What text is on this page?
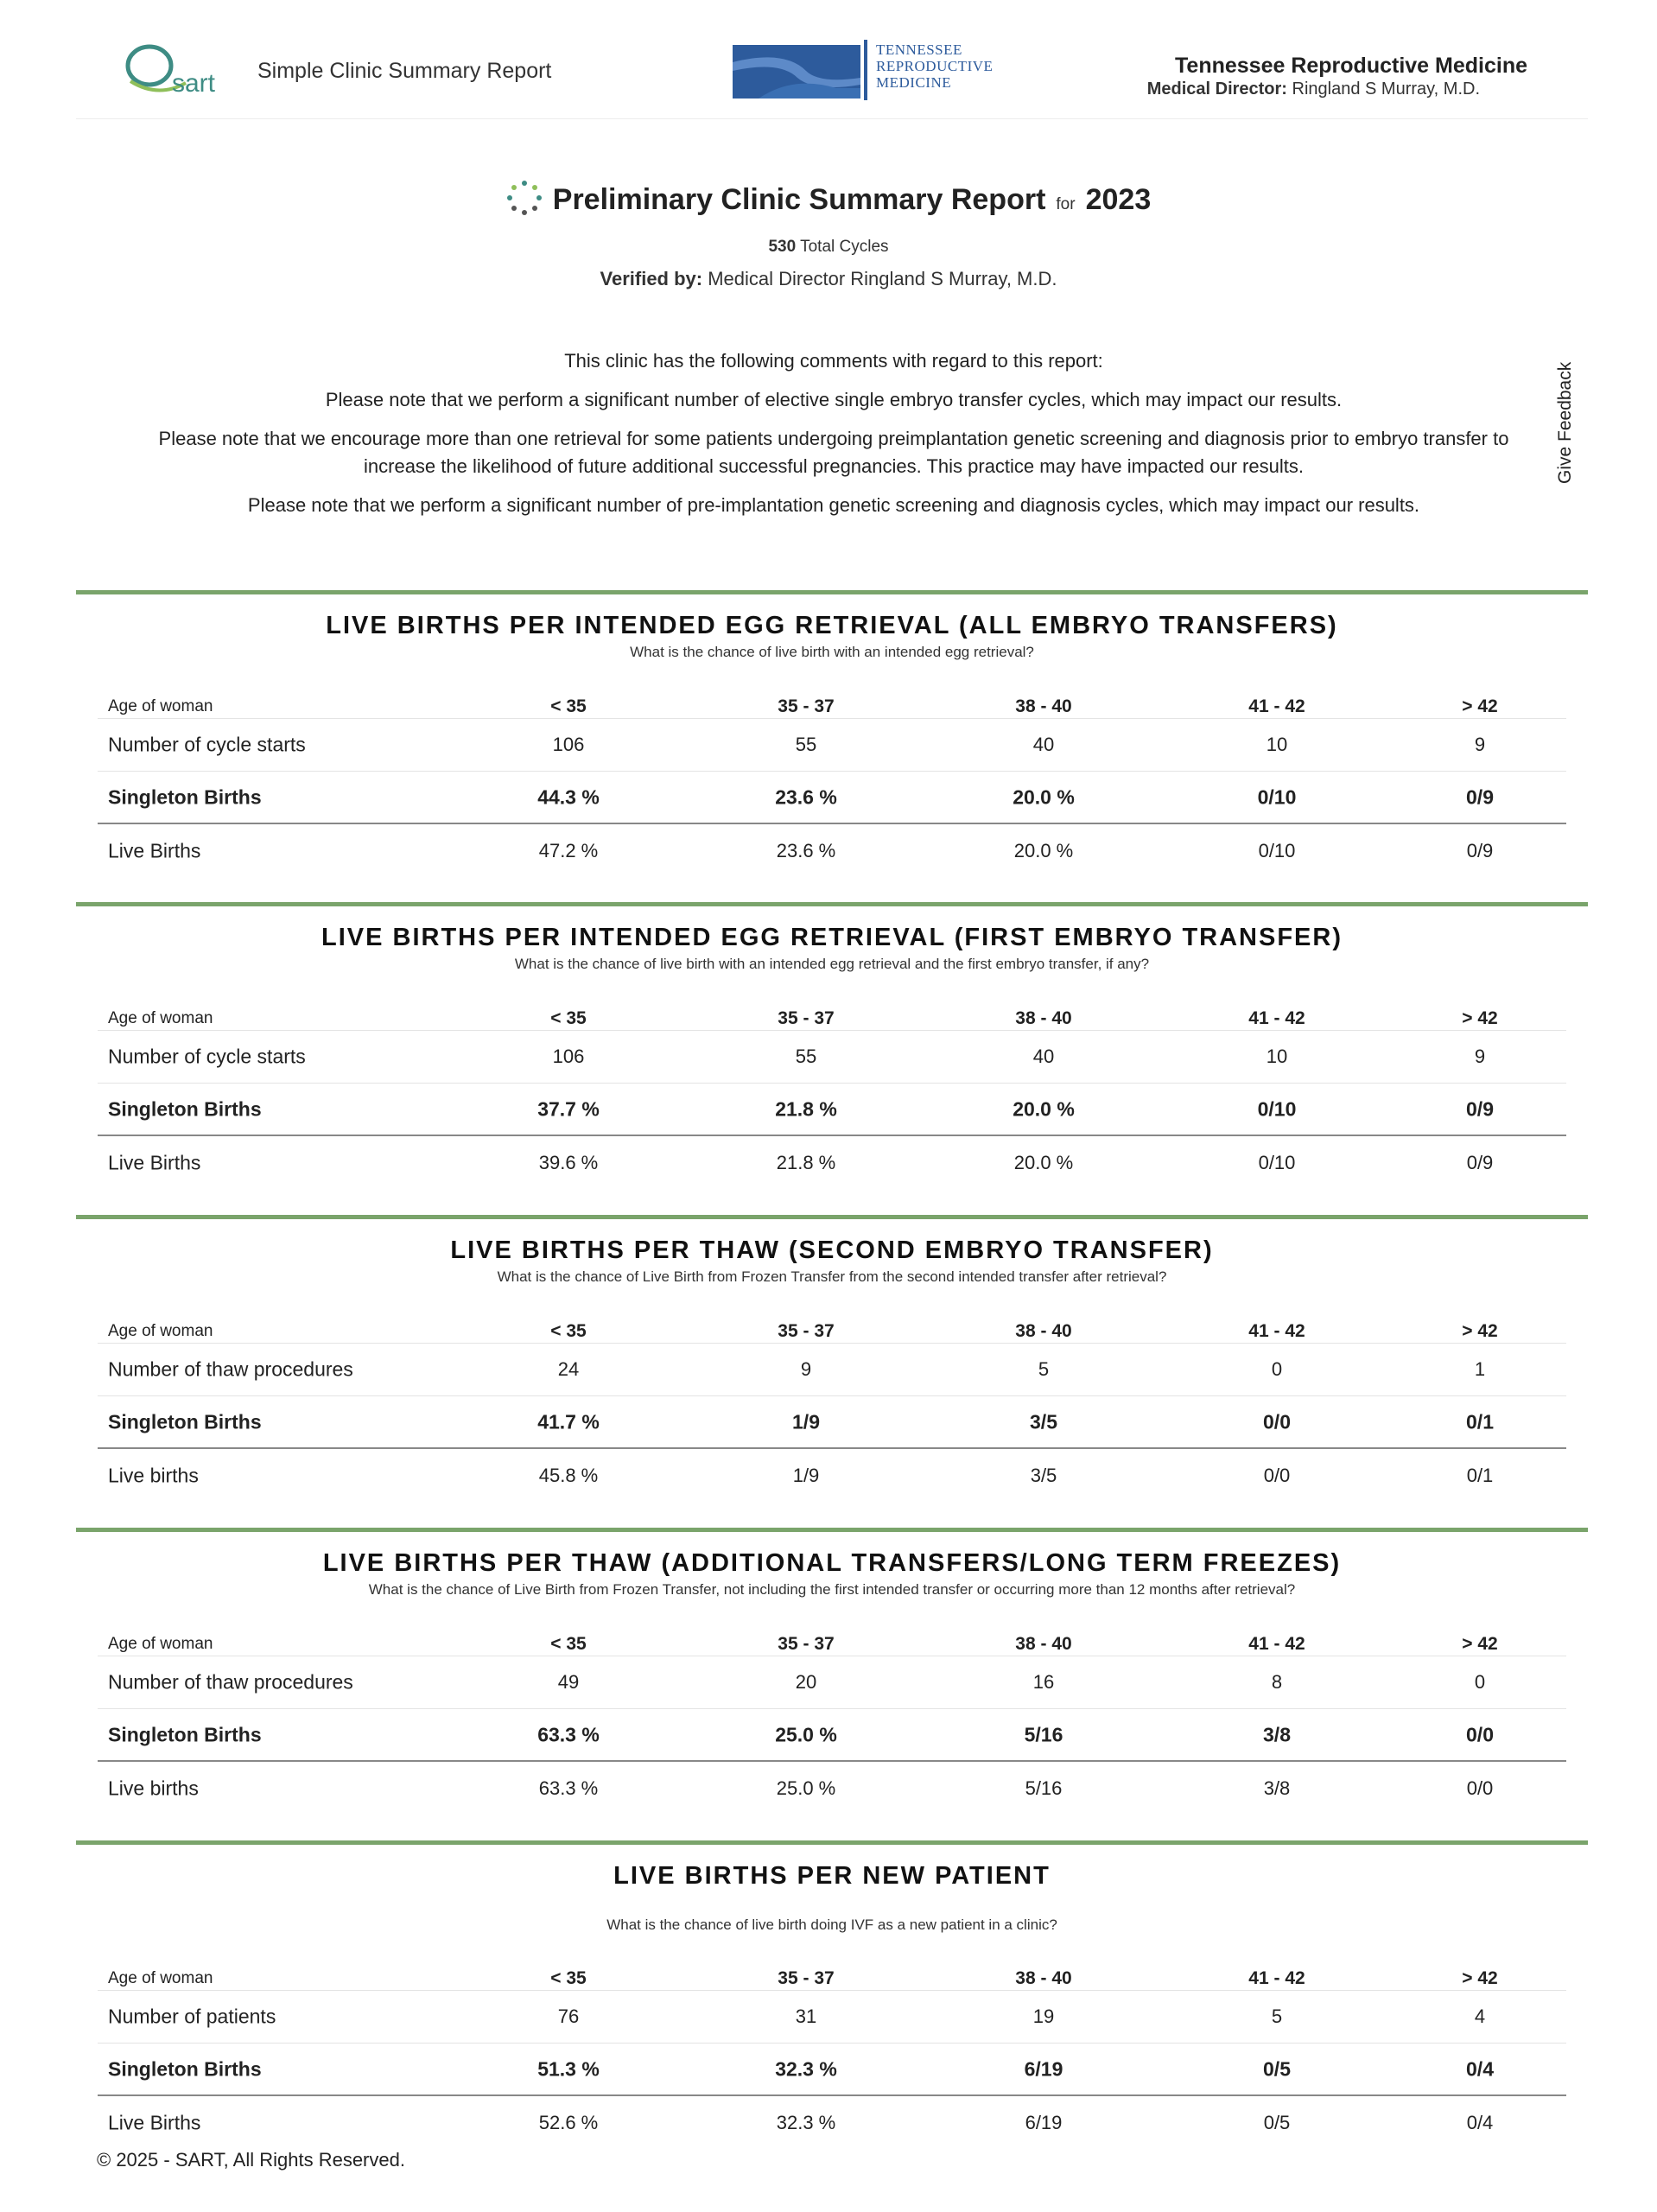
sart Simple Clinic Summary Report
TENNESSEE
REPRODUCTIVE
MEDICINE
Tennessee Reproductive Medicine
Medical Director: Ringland S Murray, M.D.
Preliminary Clinic Summary Report for 2023
530 Total Cycles
Verified by: Medical Director Ringland S Murray, M.D.

This clinic has the following comments with regard to this report:

Please note that we perform a significant number of elective single embryo transfer cycles, which may impact our results.

Please note that we encourage more than one retrieval for some patients undergoing preimplantation genetic screening and diagnosis prior to embryo transfer to increase the likelihood of future additional successful pregnancies. This practice may have impacted our results.

Please note that we perform a significant number of pre-implantation genetic screening and diagnosis cycles, which may impact our results.

Give Feedback
LIVE BIRTHS PER INTENDED EGG RETRIEVAL (ALL EMBRYO TRANSFERS)
What is the chance of live birth with an intended egg retrieval?
Age of woman	< 35	35 - 37	38 - 40	41 - 42	> 42
Number of cycle starts	106	55	40	10	9
Singleton Births	44.3 %	23.6 %	20.0 %	0/10	0/9
Live Births	47.2 %	23.6 %	20.0 %	0/10	0/9
LIVE BIRTHS PER INTENDED EGG RETRIEVAL (FIRST EMBRYO TRANSFER)
What is the chance of live birth with an intended egg retrieval and the first embryo transfer, if any?
Age of woman	< 35	35 - 37	38 - 40	41 - 42	> 42
Number of cycle starts	106	55	40	10	9
Singleton Births	37.7 %	21.8 %	20.0 %	0/10	0/9
Live Births	39.6 %	21.8 %	20.0 %	0/10	0/9
LIVE BIRTHS PER THAW (SECOND EMBRYO TRANSFER)
What is the chance of Live Birth from Frozen Transfer from the second intended transfer after retrieval?
Age of woman	< 35	35 - 37	38 - 40	41 - 42	> 42
Number of thaw procedures	24	9	5	0	1
Singleton Births	41.7 %	1/9	3/5	0/0	0/1
Live births	45.8 %	1/9	3/5	0/0	0/1
LIVE BIRTHS PER THAW (ADDITIONAL TRANSFERS/LONG TERM FREEZES)
What is the chance of Live Birth from Frozen Transfer, not including the first intended transfer or occurring more than 12 months after retrieval?
Age of woman	< 35	35 - 37	38 - 40	41 - 42	> 42
Number of thaw procedures	49	20	16	8	0
Singleton Births	63.3 %	25.0 %	5/16	3/8	0/0
Live births	63.3 %	25.0 %	5/16	3/8	0/0
LIVE BIRTHS PER NEW PATIENT
What is the chance of live birth doing IVF as a new patient in a clinic?
Age of woman	< 35	35 - 37	38 - 40	41 - 42	> 42
Number of patients	76	31	19	5	4
Singleton Births	51.3 %	32.3 %	6/19	0/5	0/4
Live Births	52.6 %	32.3 %	6/19	0/5	0/4
© 2025 - SART, All Rights Reserved.
